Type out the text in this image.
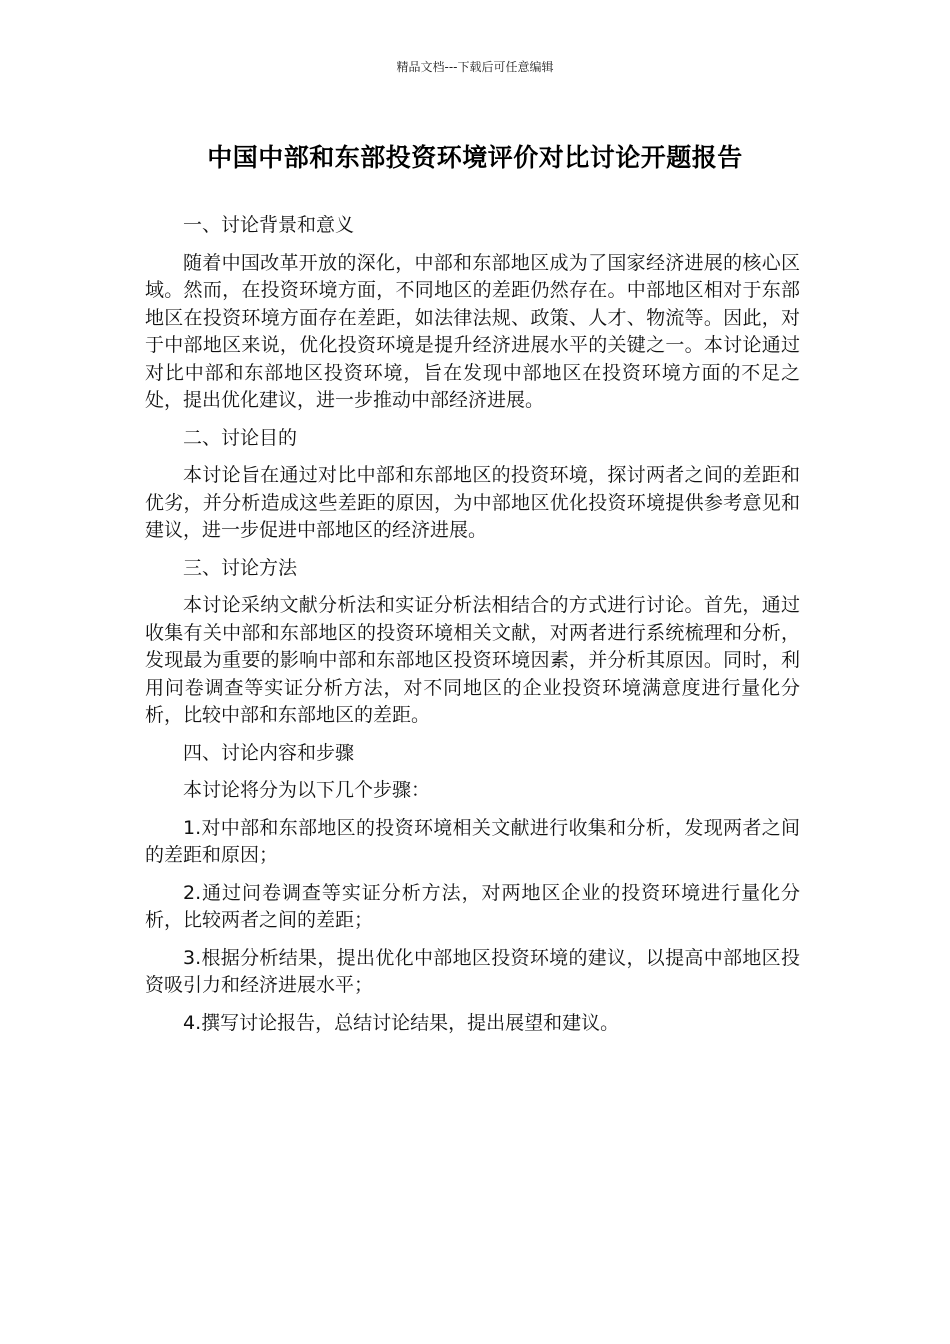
精品文档---下载后可任意编辑
中国中部和东部投资环境评价对比讨论开题报告

一、讨论背景和意义

随着中国改革开放的深化，中部和东部地区成为了国家经济进展的核心区域。然而，在投资环境方面，不同地区的差距仍然存在。中部地区相对于东部地区在投资环境方面存在差距，如法律法规、政策、人才、物流等。因此，对于中部地区来说，优化投资环境是提升经济进展水平的关键之一。本讨论通过对比中部和东部地区投资环境，旨在发现中部地区在投资环境方面的不足之处，提出优化建议，进一步推动中部经济进展。

二、讨论目的

本讨论旨在通过对比中部和东部地区的投资环境，探讨两者之间的差距和优劣，并分析造成这些差距的原因，为中部地区优化投资环境提供参考意见和建议，进一步促进中部地区的经济进展。

三、讨论方法

本讨论采纳文献分析法和实证分析法相结合的方式进行讨论。首先，通过收集有关中部和东部地区的投资环境相关文献，对两者进行系统梳理和分析，发现最为重要的影响中部和东部地区投资环境因素，并分析其原因。同时，利用问卷调查等实证分析方法，对不同地区的企业投资环境满意度进行量化分析，比较中部和东部地区的差距。

四、讨论内容和步骤

本讨论将分为以下几个步骤：

1.对中部和东部地区的投资环境相关文献进行收集和分析，发现两者之间的差距和原因；

2.通过问卷调查等实证分析方法，对两地区企业的投资环境进行量化分析，比较两者之间的差距；

3.根据分析结果，提出优化中部地区投资环境的建议，以提高中部地区投资吸引力和经济进展水平；

4.撰写讨论报告，总结讨论结果，提出展望和建议。
